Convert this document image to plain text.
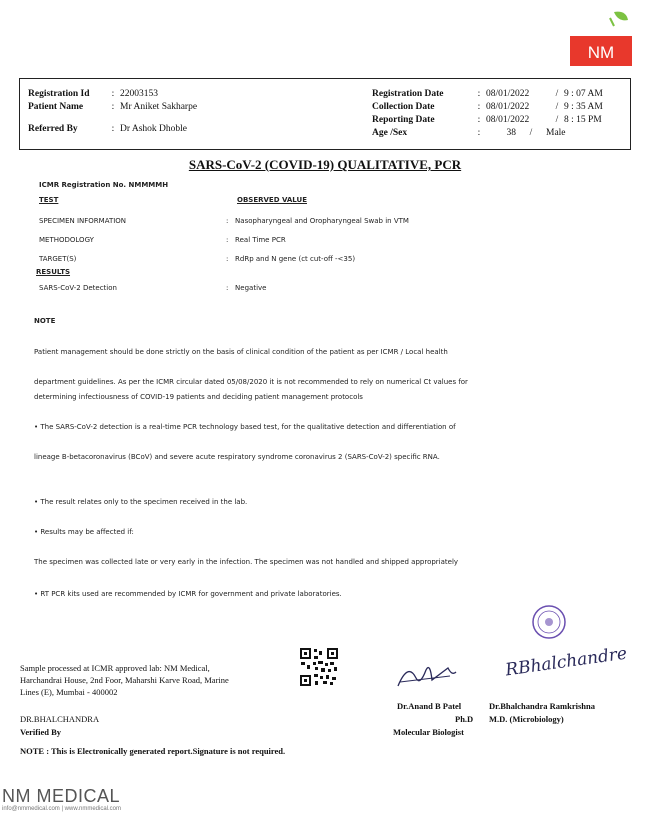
NM
Registration Id : 22003153
Patient Name	: Mr Aniket Sakharpe
Referred By	: Dr Ashok Dhoble
Registration Date	: 08/01/2022	/ 9 : 07 AM
Collection Date	: 08/01/2022	/ 9 : 35 AM
Reporting Date	: 08/01/2022	/ 8 : 15 PM
Age /Sex	:	38 / Male
SARS-CoV-2 (COVID-19) QUALITATIVE, PCR
ICMR Registration No. NMMMMH
TEST	OBSERVED VALUE
SPECIMEN INFORMATION	:   Nasopharyngeal and Oropharyngeal Swab in VTM
METHODOLOGY	:   Real Time PCR
TARGET(S)	:   RdRp and N gene (ct cut-off -<35)
RESULTS
SARS-CoV-2 Detection	:   Negative
NOTE
Patient management should be done strictly on the basis of clinical condition of the patient as per ICMR / Local health
department guidelines. As per the ICMR circular dated 05/08/2020 it is not recommended to rely on numerical Ct values for determining infectiousness of COVID-19 patients and deciding patient management protocols
• The SARS-CoV-2 detection is a real-time PCR technology based test, for the qualitative detection and differentiation of
lineage B-betacoronavirus (BCoV) and severe acute respiratory syndrome coronavirus 2 (SARS-CoV-2) specific RNA.
• The result relates only to the specimen received in the lab.
• Results may be affected if:
The specimen was collected late or very early in the infection. The specimen was not handled and shipped appropriately
• RT PCR kits used are recommended by ICMR for government and private laboratories.
Sample processed at ICMR approved lab: NM Medical, Harchandrai House, 2nd Foor, Maharshi Karve Road, Marine Lines (E), Mumbai - 400002
RBhalchandre
Dr.Anand B Patel
Ph.D
Molecular Biologist
Dr.Bhalchandra Ramkrishna
M.D. (Microbiology)
DR.BHALCHANDRA
Verified By
NOTE : This is Electronically generated report.Signature is not required.
NM MEDICAL
info@nmmedical.com | www.nmmedical.com
